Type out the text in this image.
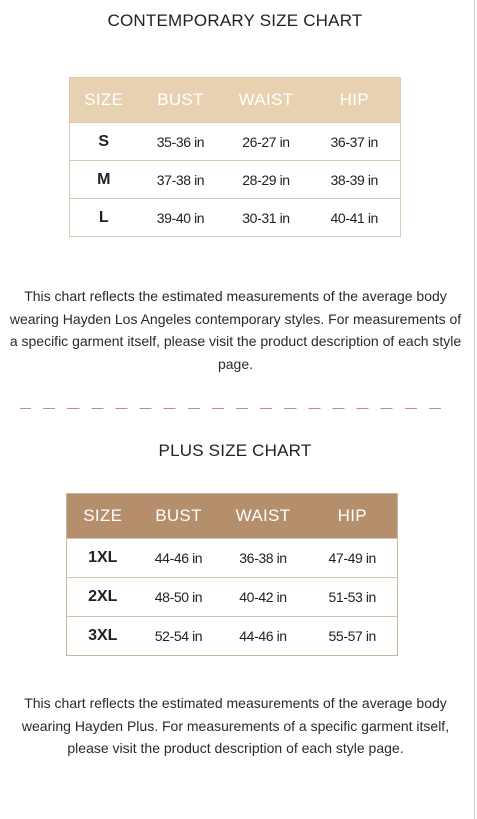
CONTEMPORARY SIZE CHART
SIZE	BUST	WAIST	HIP
S	35-36 in	26-27 in	36-37 in
M	37-38 in	28-29 in	38-39 in
L	39-40 in	30-31 in	40-41 in
This chart reflects the estimated measurements of the average body wearing Hayden Los Angeles contemporary styles. For measurements of a specific garment itself, please visit the product description of each style page.
PLUS SIZE CHART
SIZE	BUST	WAIST	HIP
1XL	44-46 in	36-38 in	47-49 in
2XL	48-50 in	40-42 in	51-53 in
3XL	52-54 in	44-46 in	55-57 in
This chart reflects the estimated measurements of the average body wearing Hayden Plus. For measurements of a specific garment itself, please visit the product description of each style page.
